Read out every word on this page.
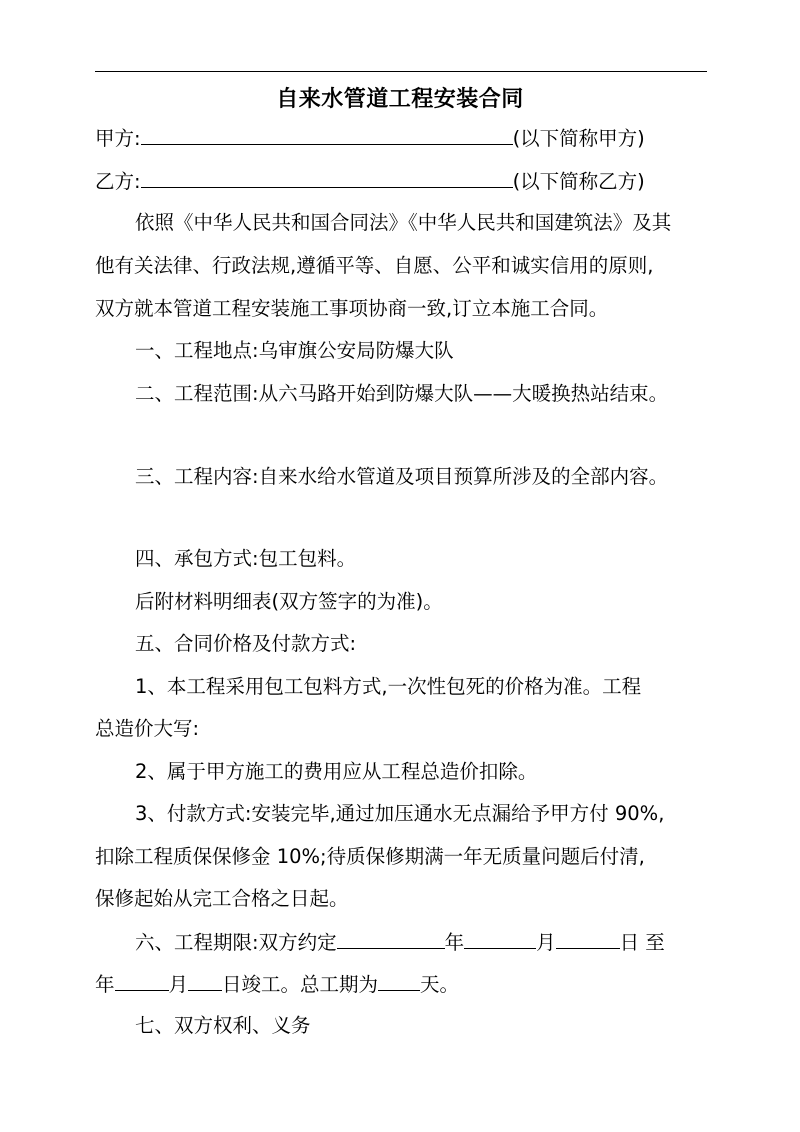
自来水管道工程安装合同
甲方:	(以下简称甲方)
乙方:	(以下简称乙方)
依照《中华人民共和国合同法》《中华人民共和国建筑法》及其
他有关法律、行政法规,遵循平等、自愿、公平和诚实信用的原则,
双方就本管道工程安装施工事项协商一致,订立本施工合同。
一、工程地点:乌审旗公安局防爆大队
二、工程范围:从六马路开始到防爆大队——大暖换热站结束。
三、工程内容:自来水给水管道及项目预算所涉及的全部内容。
四、承包方式:包工包料。
后附材料明细表(双方签字的为准)。
五、合同价格及付款方式:
1、本工程采用包工包料方式,一次性包死的价格为准。工程
总造价大写:
2、属于甲方施工的费用应从工程总造价扣除。
3、付款方式:安装完毕,通过加压通水无点漏给予甲方付 90%,
扣除工程质保保修金 10%;待质保修期满一年无质量问题后付清,
保修起始从完工合格之日起。
六、工程期限:双方约定	年	月	日 至
年	月 日竣工。总工期为 天。
七、双方权利、义务
